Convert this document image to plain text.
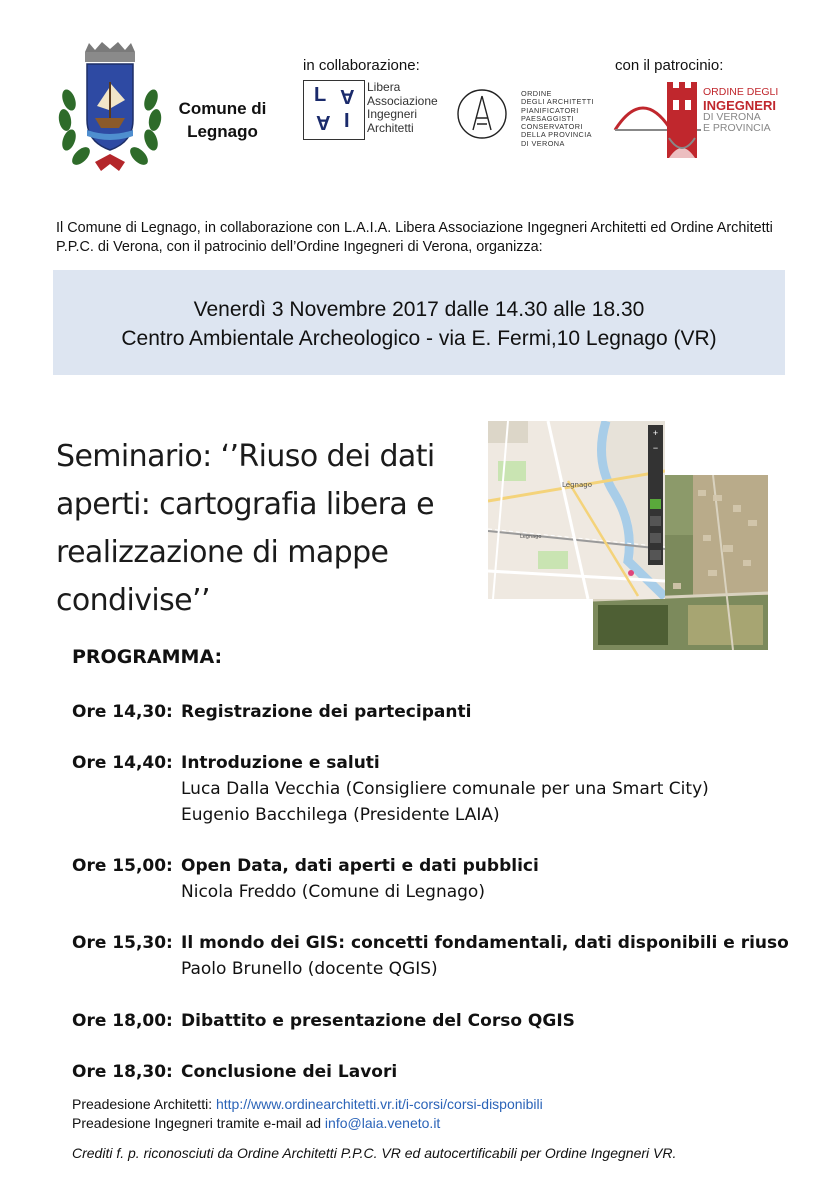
Comune di Legnago
in collaborazione:	con il patrocinio:
L A
A I
Libera
Associazione
Ingegneri
Architetti
ORDINE
DEGLI ARCHITETTI
PIANIFICATORI
PAESAGGISTI
CONSERVATORI
DELLA PROVINCIA
DI VERONA
ORDINE DEGLI
INGEGNERI
DI VERONA
E PROVINCIA
Il Comune di Legnago, in collaborazione con L.A.I.A. Libera Associazione Ingegneri Architetti ed Ordine Architetti P.P.C. di Verona, con il patrocinio dell’Ordine Ingegneri di Verona, organizza:
Venerdì 3 Novembre 2017 dalle 14.30 alle 18.30
Centro Ambientale Archeologico - via E. Fermi,10 Legnago (VR)
Seminario: ‘’Riuso dei dati aperti: cartografia libera e realizzazione di mappe condivise’’
Legnago
Legnago
+
−
PROGRAMMA:
Ore 14,30: Registrazione dei partecipanti
Ore 14,40: Introduzione e saluti
Luca Dalla Vecchia (Consigliere comunale per una Smart City)
Eugenio Bacchilega (Presidente LAIA)
Ore 15,00: Open Data, dati aperti e dati pubblici
Nicola Freddo (Comune di Legnago)
Ore 15,30: Il mondo dei GIS: concetti fondamentali, dati disponibili e riuso
Paolo Brunello (docente QGIS)
Ore 18,00: Dibattito e presentazione del Corso QGIS
Ore 18,30: Conclusione dei Lavori
Preadesione Architetti: http://www.ordinearchitetti.vr.it/i-corsi/corsi-disponibili
Preadesione Ingegneri tramite e-mail ad info@laia.veneto.it
Crediti f. p. riconosciuti da Ordine Architetti P.P.C. VR ed autocertificabili per Ordine Ingegneri VR.
